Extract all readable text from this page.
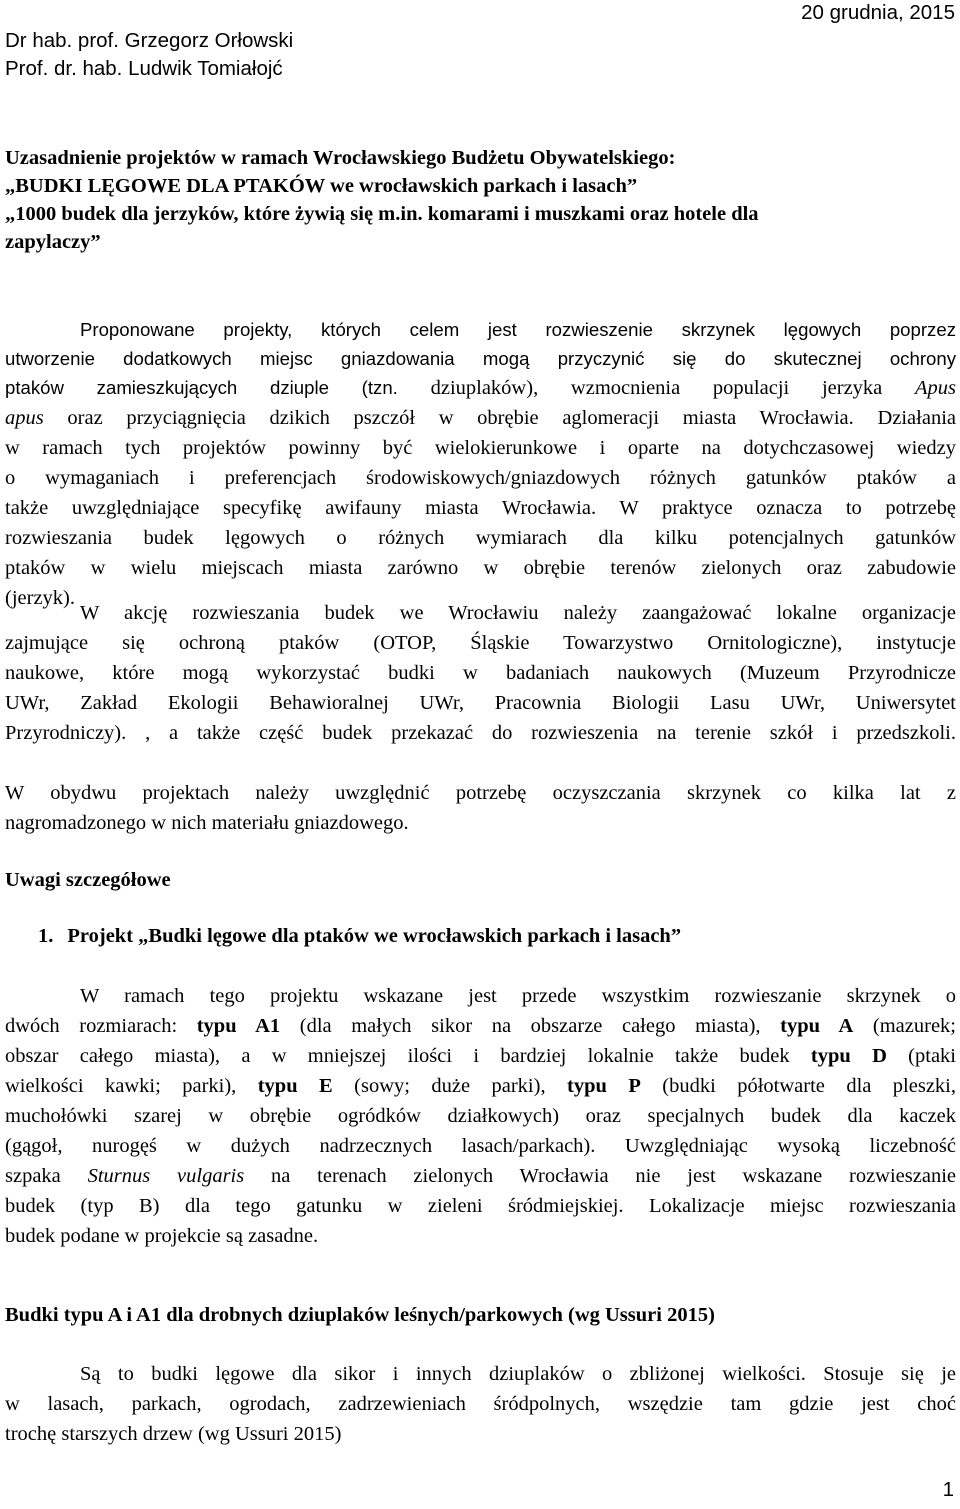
20 grudnia, 2015
Dr hab. prof. Grzegorz Orłowski
Prof. dr. hab. Ludwik Tomiałojć
Uzasadnienie projektów w ramach Wrocławskiego Budżetu Obywatelskiego:
„BUDKI LĘGOWE DLA PTAKÓW we wrocławskich parkach i lasach”
„1000 budek dla jerzyków, które żywią się m.in. komarami i muszkami oraz hotele dla
zapylaczy”
Proponowane projekty, których celem jest rozwieszenie skrzynek lęgowych poprzez
utworzenie dodatkowych miejsc gniazdowania mogą przyczynić się do skutecznej ochrony
ptaków zamieszkujących dziuple (tzn. dziuplaków), wzmocnienia populacji jerzyka Apus
apus oraz przyciągnięcia dzikich pszczół w obrębie aglomeracji miasta Wrocławia. Działania
w ramach tych projektów powinny być wielokierunkowe i oparte na dotychczasowej wiedzy
o wymaganiach i preferencjach środowiskowych/gniazdowych różnych gatunków ptaków a
także uwzględniające specyfikę awifauny miasta Wrocławia. W praktyce oznacza to potrzebę
rozwieszania budek lęgowych o różnych wymiarach dla kilku potencjalnych gatunków
ptaków w wielu miejscach miasta zarówno w obrębie terenów zielonych oraz zabudowie
(jerzyk).
W akcję rozwieszania budek we Wrocławiu należy zaangażować lokalne organizacje
zajmujące się ochroną ptaków (OTOP, Śląskie Towarzystwo Ornitologiczne), instytucje
naukowe, które mogą wykorzystać budki w badaniach naukowych (Muzeum Przyrodnicze
UWr, Zakład Ekologii Behawioralnej UWr, Pracownia Biologii Lasu UWr, Uniwersytet
Przyrodniczy). , a także część budek przekazać do rozwieszenia na terenie szkół i przedszkoli.
W obydwu projektach należy uwzględnić potrzebę oczyszczania skrzynek co kilka lat z
nagromadzonego w nich materiału gniazdowego.
Uwagi szczegółowe
1. Projekt „Budki lęgowe dla ptaków we wrocławskich parkach i lasach”
W ramach tego projektu wskazane jest przede wszystkim rozwieszanie skrzynek o
dwóch rozmiarach: typu A1 (dla małych sikor na obszarze całego miasta), typu A (mazurek;
obszar całego miasta), a w mniejszej ilości i bardziej lokalnie także budek typu D (ptaki
wielkości kawki; parki), typu E (sowy; duże parki), typu P (budki półotwarte dla pleszki,
muchołówki szarej w obrębie ogródków działkowych) oraz specjalnych budek dla kaczek
(gągoł, nurogęś w dużych nadrzecznych lasach/parkach). Uwzględniając wysoką liczebność
szpaka Sturnus vulgaris na terenach zielonych Wrocławia nie jest wskazane rozwieszanie
budek (typ B) dla tego gatunku w zieleni śródmiejskiej. Lokalizacje miejsc rozwieszania
budek podane w projekcie są zasadne.
Budki typu A i A1 dla drobnych dziuplaków leśnych/parkowych (wg Ussuri 2015)
Są to budki lęgowe dla sikor i innych dziuplaków o zbliżonej wielkości. Stosuje się je
w lasach, parkach, ogrodach, zadrzewieniach śródpolnych, wszędzie tam gdzie jest choć
trochę starszych drzew (wg Ussuri 2015)
1
